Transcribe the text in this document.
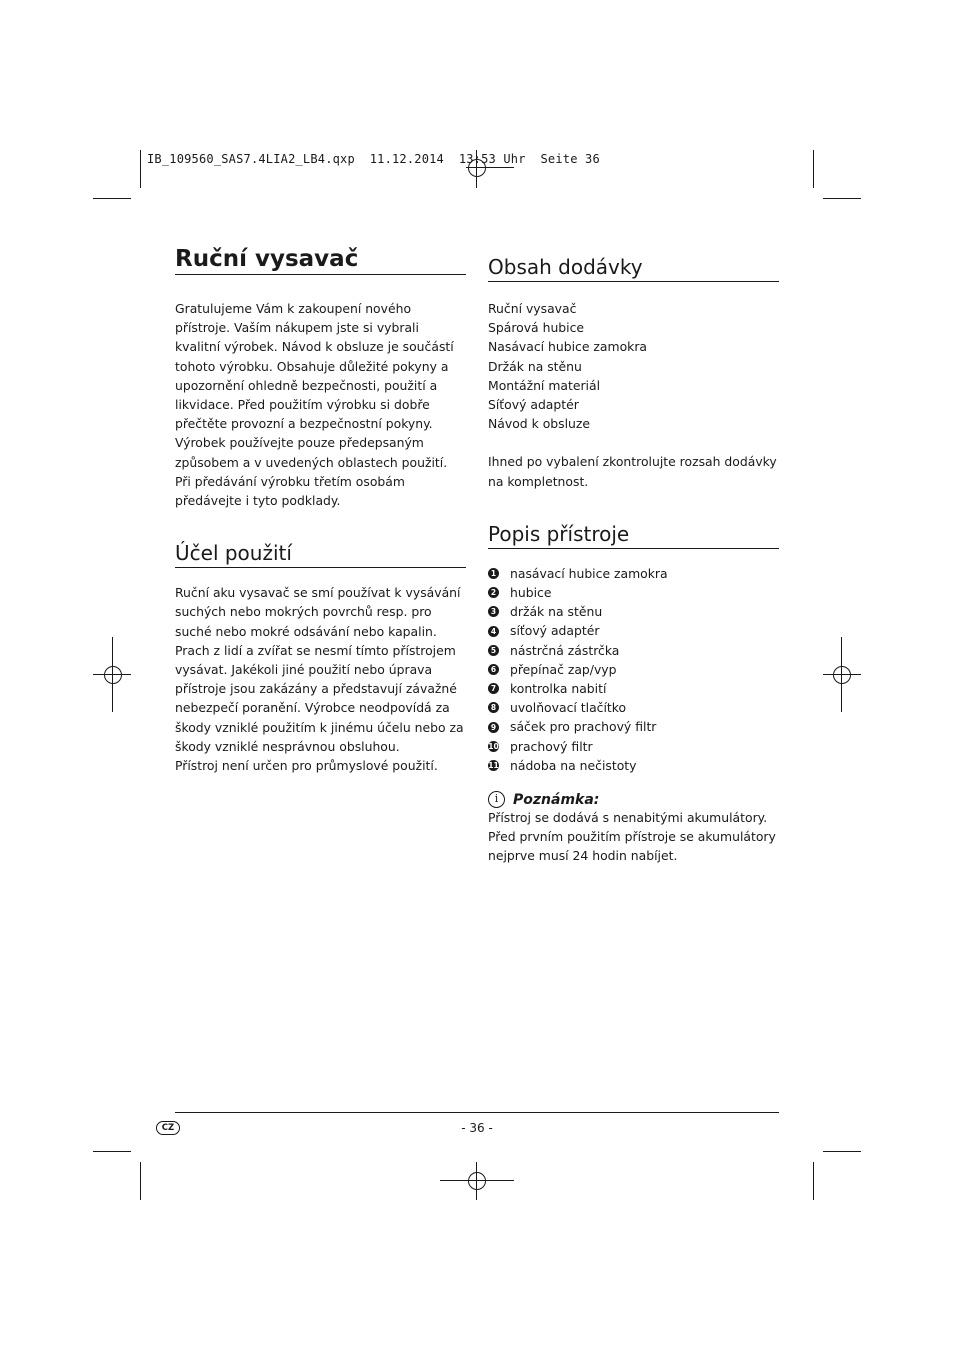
IB_109560_SAS7.4LIA2_LB4.qxp  11.12.2014  13:53 Uhr  Seite 36
Ruční vysavač

Gratulujeme Vám k zakoupení nového přístroje. Vaším nákupem jste si vybrali kvalitní výrobek. Návod k obsluze je součástí tohoto výrobku. Obsahuje důležité pokyny a upozornění ohledně bezpečnosti, použití a likvidace. Před použitím výrobku si dobře přečtěte provozní a bezpečnostní pokyny. Výrobek používejte pouze předepsaným způsobem a v uvedených oblastech použití. Při předávání výrobku třetím osobám předávejte i tyto podklady.

Účel použití

Ruční aku vysavač se smí používat k vysávání suchých nebo mokrých povrchů resp. pro suché nebo mokré odsávání nebo kapalin. Prach z lidí a zvířat se nesmí tímto přístrojem vysávat. Jakékoli jiné použití nebo úprava přístroje jsou zakázány a představují závažné nebezpečí poranění. Výrobce neodpovídá za škody vzniklé použitím k jinému účelu nebo za škody vzniklé nesprávnou obsluhou.

Přístroj není určen pro průmyslové použití.

Obsah dodávky
Ruční vysavač
Spárová hubice
Nasávací hubice zamokra
Držák na stěnu
Montážní materiál
Síťový adaptér
Návod k obsluze

Ihned po vybalení zkontrolujte rozsah dodávky na kompletnost.

Popis přístroje
1 nasávací hubice zamokra
2 hubice
3 držák na stěnu
4 síťový adaptér
5 nástrčná zástrčka
6 přepínač zap/vyp
7 kontrolka nabití
8 uvolňovací tlačítko
9 sáček pro prachový filtr
10 prachový filtr
11 nádoba na nečistoty
i	Poznámka:

Přístroj se dodává s nenabitými akumulátory. Před prvním použitím přístroje se akumulátory nejprve musí 24 hodin nabíjet.

CZ	- 36 -
